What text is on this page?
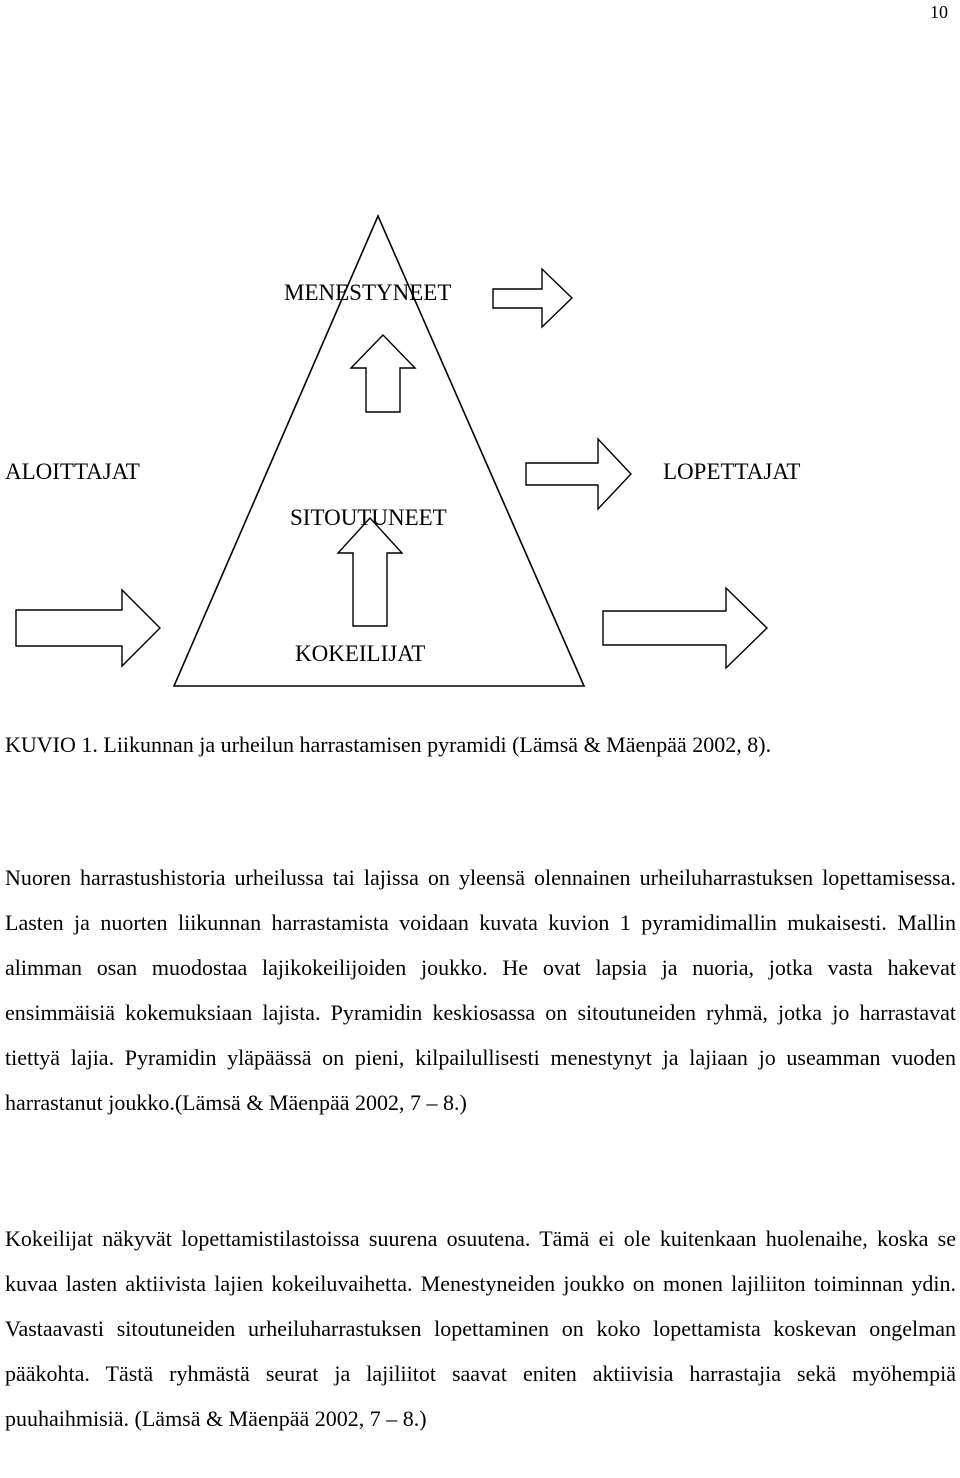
10
MENESTYNEET
ALOITTAJAT	LOPETTAJAT
SITOUTUNEET
KOKEILIJAT
KUVIO 1. Liikunnan ja urheilun harrastamisen pyramidi (Lämsä & Mäenpää 2002, 8).

Nuoren harrastushistoria urheilussa tai lajissa on yleensä olennainen urheiluharrastuksen lopettamisessa. Lasten ja nuorten liikunnan harrastamista voidaan kuvata kuvion 1 pyramidimallin mukaisesti. Mallin alimman osan muodostaa lajikokeilijoiden joukko. He ovat lapsia ja nuoria, jotka vasta hakevat ensimmäisiä kokemuksiaan lajista. Pyramidin keskiosassa on sitoutuneiden ryhmä, jotka jo harrastavat tiettyä lajia. Pyramidin yläpäässä on pieni, kilpailullisesti menestynyt ja lajiaan jo useamman vuoden harrastanut joukko.(Lämsä & Mäenpää 2002, 7 – 8.)

Kokeilijat näkyvät lopettamistilastoissa suurena osuutena. Tämä ei ole kuitenkaan huolenaihe, koska se kuvaa lasten aktiivista lajien kokeiluvaihetta. Menestyneiden joukko on monen lajiliiton toiminnan ydin. Vastaavasti sitoutuneiden urheiluharrastuksen lopettaminen on koko lopettamista koskevan ongelman pääkohta. Tästä ryhmästä seurat ja lajiliitot saavat eniten aktiivisia harrastajia sekä myöhempiä puuhaihmisiä. (Lämsä & Mäenpää 2002, 7 – 8.)
